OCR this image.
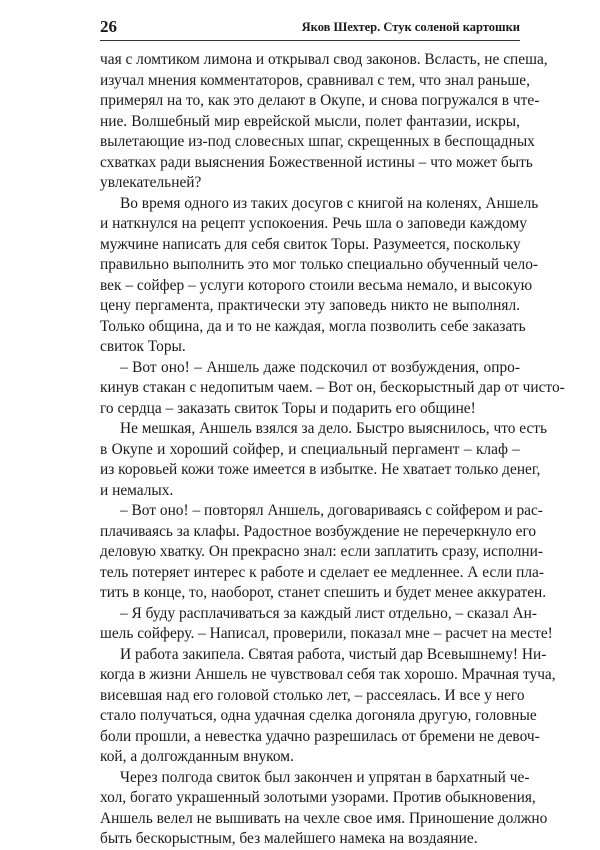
26	Яков Шехтер. Стук соленой картошки
чая с ломтиком лимона и открывал свод законов. Всласть, не спеша,
изучал мнения комментаторов, сравнивал с тем, что знал раньше,
примерял на то, как это делают в Окупе, и снова погружался в чте-
ние. Волшебный мир еврейской мысли, полет фантазии, искры,
вылетающие из-под словесных шпаг, скрещенных в беспощадных
схватках ради выяснения Божественной истины – что может быть
увлекательней?
Во время одного из таких досугов с книгой на коленях, Аншель
и наткнулся на рецепт успокоения. Речь шла о заповеди каждому
мужчине написать для себя свиток Торы. Разумеется, поскольку
правильно выполнить это мог только специально обученный чело-
век – сойфер – услуги которого стоили весьма немало, и высокую
цену пергамента, практически эту заповедь никто не выполнял.
Только община, да и то не каждая, могла позволить себе заказать
свиток Торы.
– Вот оно! – Аншель даже подскочил от возбуждения, опро-
кинув стакан с недопитым чаем. – Вот он, бескорыстный дар от чисто-
го сердца – заказать свиток Торы и подарить его общине!
Не мешкая, Аншель взялся за дело. Быстро выяснилось, что есть
в Окупе и хороший сойфер, и специальный пергамент – клаф –
из коровьей кожи тоже имеется в избытке. Не хватает только денег,
и немалых.
– Вот оно! – повторял Аншель, договариваясь с сойфером и рас-
плачиваясь за клафы. Радостное возбуждение не перечеркнуло его
деловую хватку. Он прекрасно знал: если заплатить сразу, исполни-
тель потеряет интерес к работе и сделает ее медленнее. А если пла-
тить в конце, то, наоборот, станет спешить и будет менее аккуратен.
– Я буду расплачиваться за каждый лист отдельно, – сказал Ан-
шель сойферу. – Написал, проверили, показал мне – расчет на месте!
И работа закипела. Святая работа, чистый дар Всевышнему! Ни-
когда в жизни Аншель не чувствовал себя так хорошо. Мрачная туча,
висевшая над его головой столько лет, – рассеялась. И все у него
стало получаться, одна удачная сделка догоняла другую, головные
боли прошли, а невестка удачно разрешилась от бремени не девоч-
кой, а долгожданным внуком.
Через полгода свиток был закончен и упрятан в бархатный че-
хол, богато украшенный золотыми узорами. Против обыкновения,
Аншель велел не вышивать на чехле свое имя. Приношение должно
быть бескорыстным, без малейшего намека на воздаяние.
